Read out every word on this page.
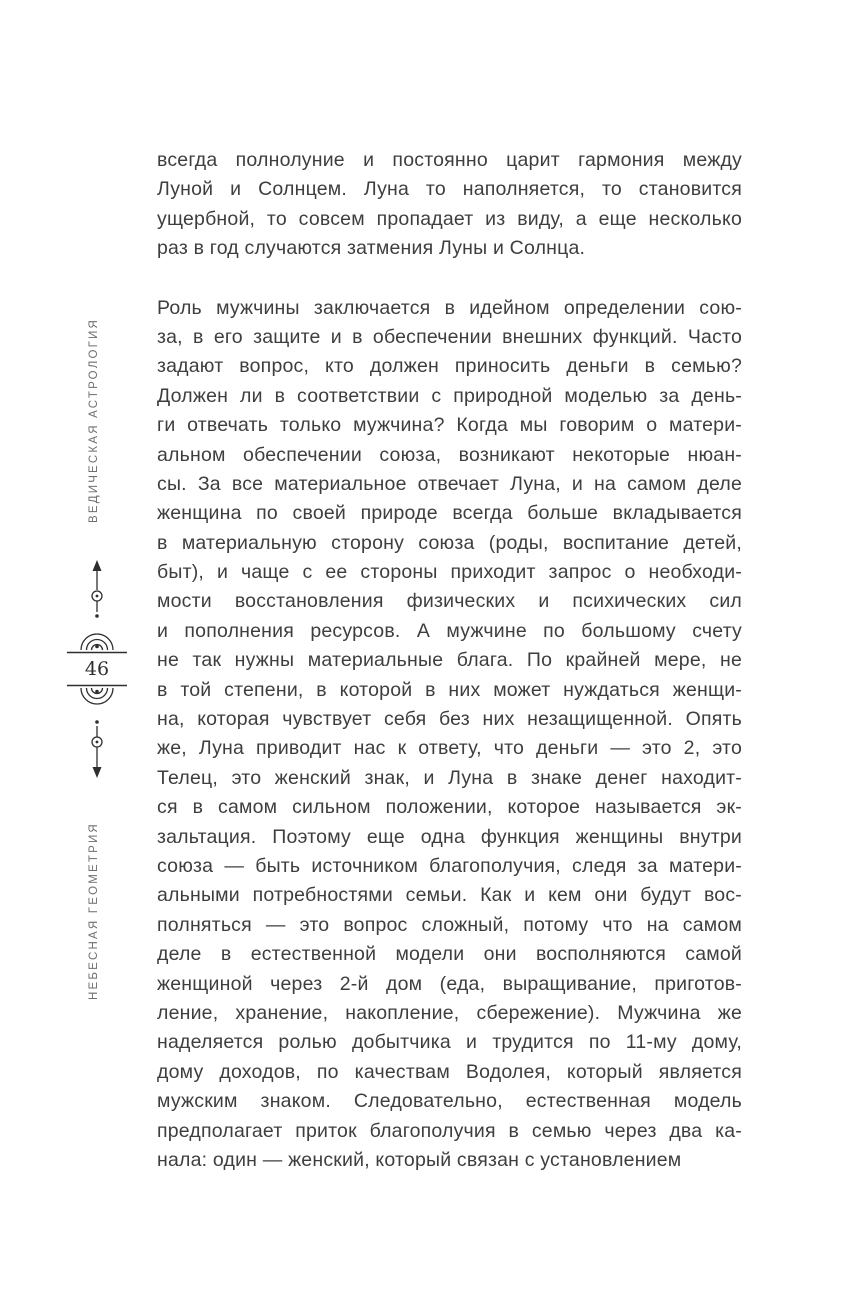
ВЕДИЧЕСКАЯ АСТРОЛОГИЯ
НЕБЕСНАЯ ГЕОМЕТРИЯ
46
всегда полнолуние и постоянно царит гармония между
Луной и Солнцем. Луна то наполняется, то становится
ущербной, то совсем пропадает из виду, а еще несколько
раз в год случаются затмения Луны и Солнца.
Роль мужчины заключается в идейном определении сою-
за, в его защите и в обеспечении внешних функций. Часто
задают вопрос, кто должен приносить деньги в семью?
Должен ли в соответствии с природной моделью за день-
ги отвечать только мужчина? Когда мы говорим о матери-
альном обеспечении союза, возникают некоторые нюан-
сы. За все материальное отвечает Луна, и на самом деле
женщина по своей природе всегда больше вкладывается
в материальную сторону союза (роды, воспитание детей,
быт), и чаще с ее стороны приходит запрос о необходи-
мости восстановления физических и психических сил
и пополнения ресурсов. А мужчине по большому счету
не так нужны материальные блага. По крайней мере, не
в той степени, в которой в них может нуждаться женщи-
на, которая чувствует себя без них незащищенной. Опять
же, Луна приводит нас к ответу, что деньги — это 2, это
Телец, это женский знак, и Луна в знаке денег находит-
ся в самом сильном положении, которое называется эк-
зальтация. Поэтому еще одна функция женщины внутри
союза — быть источником благополучия, следя за матери-
альными потребностями семьи. Как и кем они будут вос-
полняться — это вопрос сложный, потому что на самом
деле в естественной модели они восполняются самой
женщиной через 2-й дом (еда, выращивание, приготов-
ление, хранение, накопление, сбережение). Мужчина же
наделяется ролью добытчика и трудится по 11-му дому,
дому доходов, по качествам Водолея, который является
мужским знаком. Следовательно, естественная модель
предполагает приток благополучия в семью через два ка-
нала: один — женский, который связан с установлением
